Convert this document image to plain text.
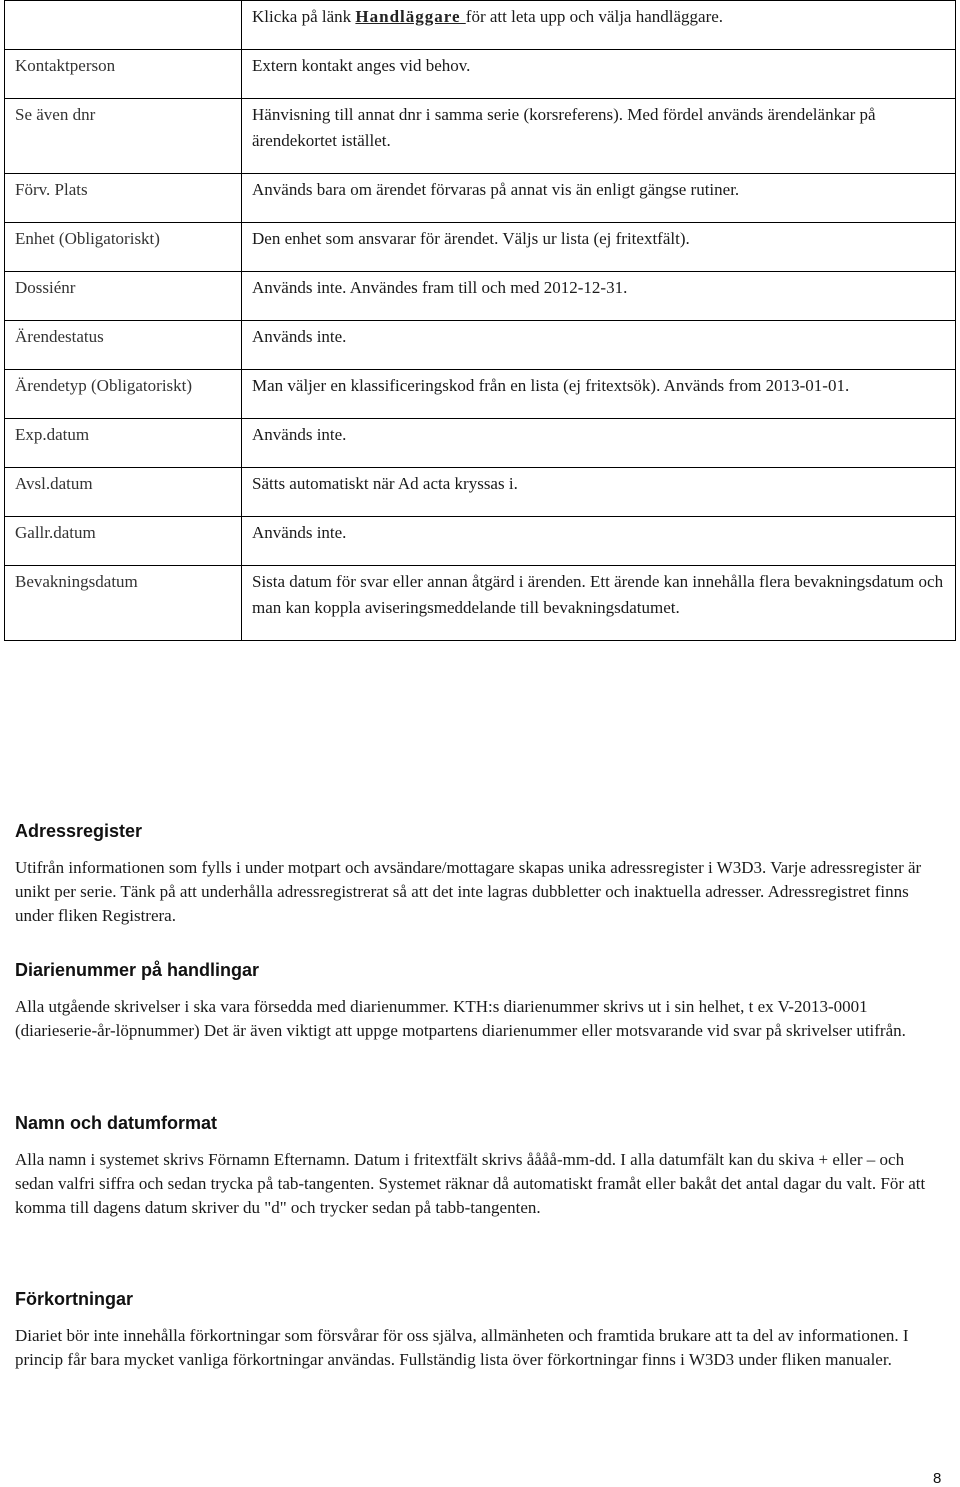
	Klicka på länk Handläggare för att leta upp och välja handläggare.
Kontaktperson	Extern kontakt anges vid behov.
Se även dnr	Hänvisning till annat dnr i samma serie (korsreferens). Med fördel används ärendelänkar på ärendekortet istället.
Förv. Plats	Används bara om ärendet förvaras på annat vis än enligt gängse rutiner.
Enhet (Obligatoriskt)	Den enhet som ansvarar för ärendet. Väljs ur lista (ej fritextfält).
Dossiénr	Används inte. Användes fram till och med 2012-12-31.
Ärendestatus	Används inte.
Ärendetyp (Obligatoriskt)	Man väljer en klassificeringskod från en lista (ej fritextsök). Används from 2013-01-01.
Exp.datum	Används inte.
Avsl.datum	Sätts automatiskt när Ad acta kryssas i.
Gallr.datum	Används inte.
Bevakningsdatum	Sista datum för svar eller annan åtgärd i ärenden. Ett ärende kan innehålla flera bevakningsdatum och man kan koppla aviseringsmeddelande till bevakningsdatumet.
Adressregister

Utifrån informationen som fylls i under motpart och avsändare/mottagare skapas unika adressregister i W3D3. Varje adressregister är unikt per serie. Tänk på att underhålla adressregistrerat så att det inte lagras dubbletter och inaktuella adresser. Adressregistret finns under fliken Registrera.

Diarienummer på handlingar

Alla utgående skrivelser i ska vara försedda med diarienummer. KTH:s diarienummer skrivs ut i sin helhet, t ex V-2013-0001 (diarieserie-år-löpnummer) Det är även viktigt att uppge motpartens diarienummer eller motsvarande vid svar på skrivelser utifrån.

Namn och datumformat

Alla namn i systemet skrivs Förnamn Efternamn. Datum i fritextfält skrivs åååå-mm-dd. I alla datumfält kan du skiva + eller – och sedan valfri siffra och sedan trycka på tab-tangenten. Systemet räknar då automatiskt framåt eller bakåt det antal dagar du valt. För att komma till dagens datum skriver du "d" och trycker sedan på tabb-tangenten.

Förkortningar

Diariet bör inte innehålla förkortningar som försvårar för oss själva, allmänheten och framtida brukare att ta del av informationen. I princip får bara mycket vanliga förkortningar användas. Fullständig lista över förkortningar finns i W3D3 under fliken manualer.

8
